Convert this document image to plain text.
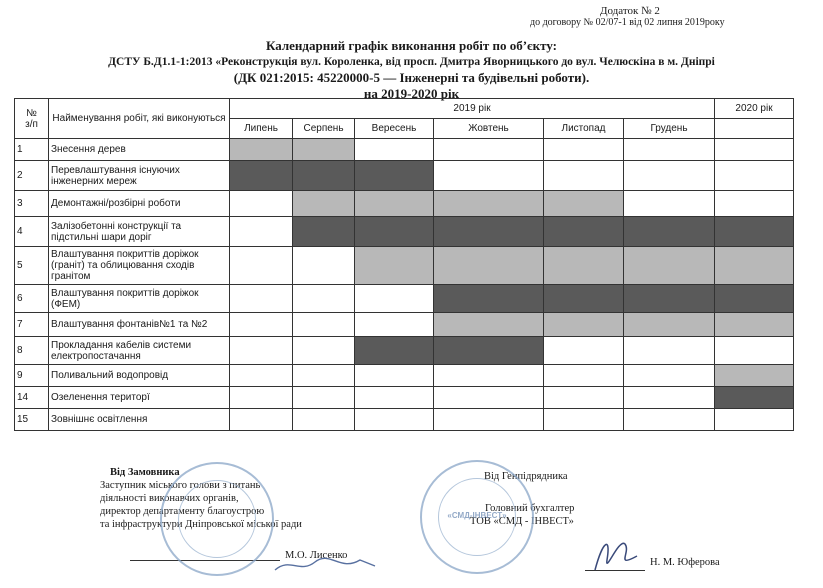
Додаток № 2
до договору № 02/07-1 від 02 липня 2019року
Календарний графік виконання робіт по об’єкту:
ДСТУ Б.Д1.1-1:2013 «Реконструкція вул. Короленка, від просп. Дмитра Яворницького до вул. Челюскіна в м. Дніпрі
(ДК 021:2015: 45220000-5 — Інженерні та будівельні роботи).
на 2019-2020 рік
№
з/п	Найменування робіт, які виконуються	2019 рік						2020 рік
		Липень	Серпень	Вересень	Жовтень	Листопад	Грудень	
1	Знесення дерев							
2	Перевлаштування існуючих інженерних мереж							
3	Демонтажні/розбірні роботи							
4	Залізобетонні конструкції та підстильні шари доріг							
5	Влаштування покриттів доріжок (граніт) та облицювання сходів гранітом							
6	Влаштування покриттів доріжок (ФЕМ)							
7	Влаштування фонтанів№1 та №2							
8	Прокладання кабелів системи електропостачання							
9	Поливальний водопровід							
14	Озеленення територї							
15	Зовнішнє освітлення							
Від Замовника
Заступник міського голови з питань
діяльності виконавчих органів,
директор департаменту благоустрою
та інфраструктури Дніпровської міської ради
М.О. Лисенко
Від Генпідрядника
Головний бухгалтер
ТОВ «СМД - ІНВЕСТ»
Н. М. Юферова
«СМД-ІНВЕСТ»
